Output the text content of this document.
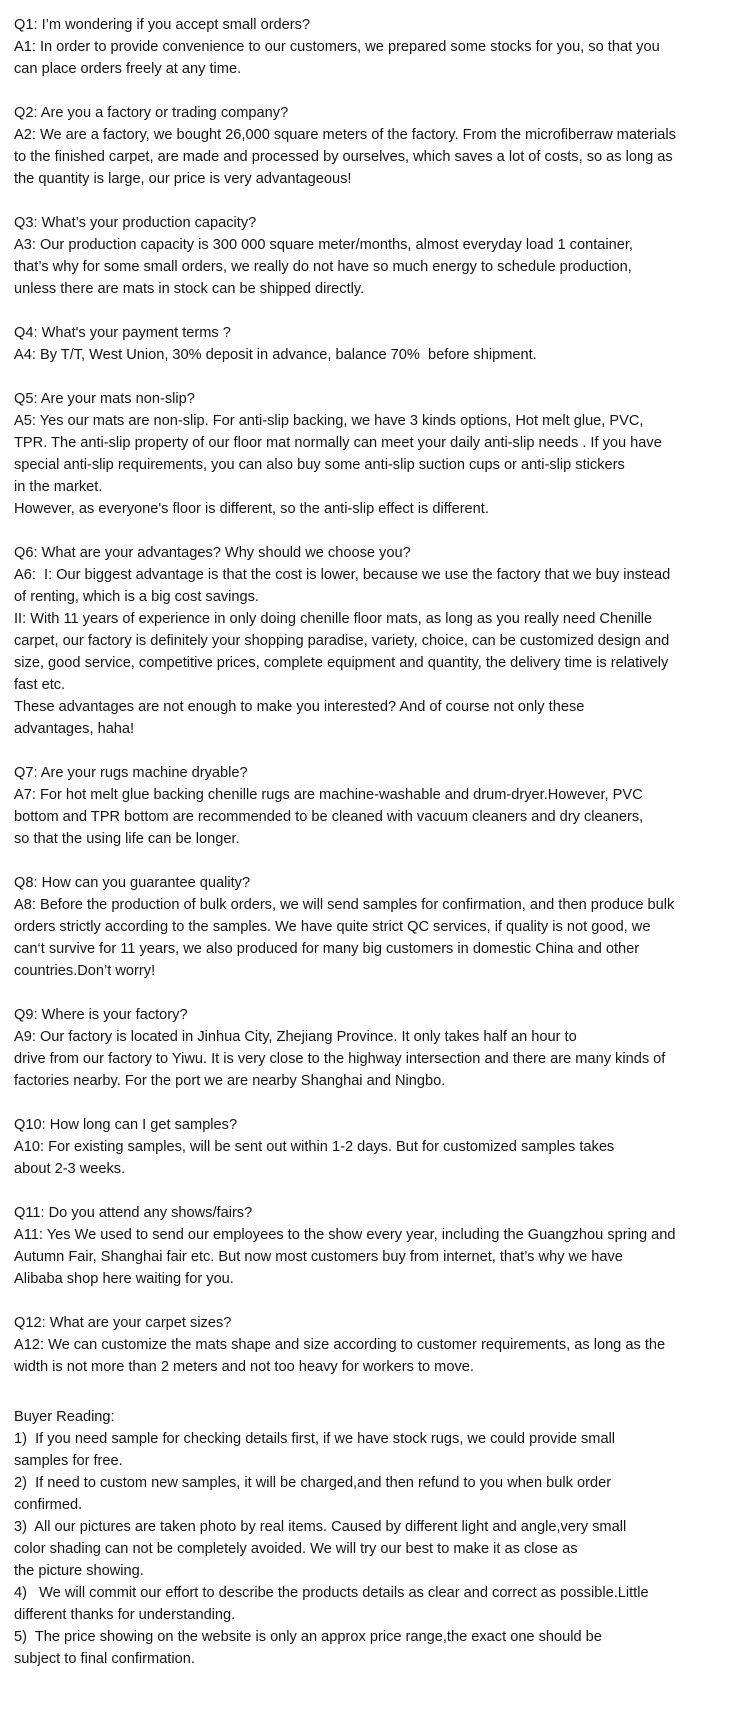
Q1: I’m wondering if you accept small orders?
A1: In order to provide convenience to our customers, we prepared some stocks for you, so that you
can place orders freely at any time.
Q2: Are you a factory or trading company?
A2: We are a factory, we bought 26,000 square meters of the factory. From the microfiberraw materials
to the finished carpet, are made and processed by ourselves, which saves a lot of costs, so as long as
the quantity is large, our price is very advantageous!
Q3: What’s your production capacity?
A3: Our production capacity is 300 000 square meter/months, almost everyday load 1 container,
that’s why for some small orders, we really do not have so much energy to schedule production,
unless there are mats in stock can be shipped directly.
Q4: What's your payment terms ?
A4: By T/T, West Union, 30% deposit in advance, balance 70%  before shipment.
Q5: Are your mats non-slip?
A5: Yes our mats are non-slip. For anti-slip backing, we have 3 kinds options, Hot melt glue, PVC,
TPR. The anti-slip property of our floor mat normally can meet your daily anti-slip needs . If you have
special anti-slip requirements, you can also buy some anti-slip suction cups or anti-slip stickers
in the market.
However, as everyone's floor is different, so the anti-slip effect is different.
Q6: What are your advantages? Why should we choose you?
A6:  I: Our biggest advantage is that the cost is lower, because we use the factory that we buy instead
of renting, which is a big cost savings.
II: With 11 years of experience in only doing chenille floor mats, as long as you really need Chenille
carpet, our factory is definitely your shopping paradise, variety, choice, can be customized design and
size, good service, competitive prices, complete equipment and quantity, the delivery time is relatively
fast etc.
These advantages are not enough to make you interested? And of course not only these
advantages, haha!
Q7: Are your rugs machine dryable?
A7: For hot melt glue backing chenille rugs are machine-washable and drum-dryer.However, PVC
bottom and TPR bottom are recommended to be cleaned with vacuum cleaners and dry cleaners,
so that the using life can be longer.
Q8: How can you guarantee quality?
A8: Before the production of bulk orders, we will send samples for confirmation, and then produce bulk
orders strictly according to the samples. We have quite strict QC services, if quality is not good, we
can‘t survive for 11 years, we also produced for many big customers in domestic China and other
countries.Don’t worry!
Q9: Where is your factory?
A9: Our factory is located in Jinhua City, Zhejiang Province. It only takes half an hour to
drive from our factory to Yiwu. It is very close to the highway intersection and there are many kinds of
factories nearby. For the port we are nearby Shanghai and Ningbo.
Q10: How long can I get samples?
A10: For existing samples, will be sent out within 1-2 days. But for customized samples takes
about 2-3 weeks.
Q11: Do you attend any shows/fairs?
A11: Yes We used to send our employees to the show every year, including the Guangzhou spring and
Autumn Fair, Shanghai fair etc. But now most customers buy from internet, that’s why we have
Alibaba shop here waiting for you.
Q12: What are your carpet sizes?
A12: We can customize the mats shape and size according to customer requirements, as long as the
width is not more than 2 meters and not too heavy for workers to move.
Buyer Reading:
1)  If you need sample for checking details first, if we have stock rugs, we could provide small
samples for free.
2)  If need to custom new samples, it will be charged,and then refund to you when bulk order
confirmed.
3)  All our pictures are taken photo by real items. Caused by different light and angle,very small
color shading can not be completely avoided. We will try our best to make it as close as
the picture showing.
4)   We will commit our effort to describe the products details as clear and correct as possible.Little
different thanks for understanding.
5)  The price showing on the website is only an approx price range,the exact one should be
subject to final confirmation.
